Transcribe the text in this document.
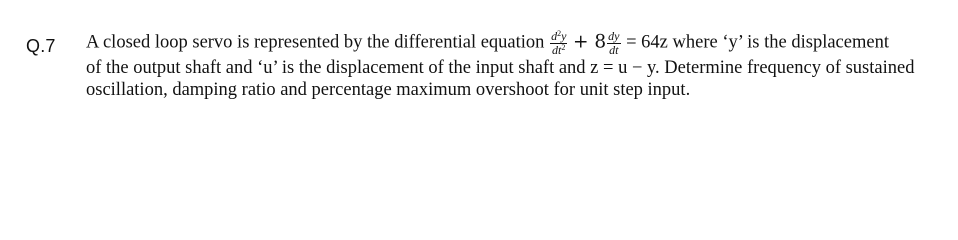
Q.7 A closed loop servo is represented by the differential equation $\frac{d^2y}{dt^2} + 8 \frac{dy}{dt} = 64z$ where ‘y’ is the displacement
of the output shaft and ‘u’ is the displacement of the input shaft and z = u − y. Determine frequency of sustained
oscillation, damping ratio and percentage maximum overshoot for unit step input.
